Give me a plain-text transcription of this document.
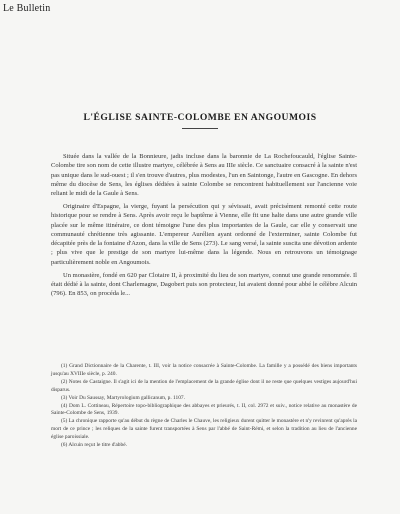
Le Bulletin
L'ÉGLISE SAINTE-COLOMBE EN ANGOUMOIS

Située dans la vallée de la Bonnieure, jadis incluse dans la baronnie de La Rochefoucauld, l'église Sainte-Colombe tire son nom de cette illustre martyre, célébrée à Sens au IIIe siècle. Ce sanctuaire consacré à la sainte n'est pas unique dans le sud-ouest ; il s'en trouve d'autres, plus modestes, l'un en Saintonge, l'autre en Gascogne. En dehors même du diocèse de Sens, les églises dédiées à sainte Colombe se rencontrent habituellement sur l'ancienne voie reliant le midi de la Gaule à Sens.

Originaire d'Espagne, la vierge, fuyant la persécution qui y sévissait, avait précisément remonté cette route historique pour se rendre à Sens. Après avoir reçu le baptême à Vienne, elle fit une halte dans une autre grande ville placée sur le même itinéraire, ce dont témoigne l'une des plus importantes de la Gaule, car elle y conservait une communauté chrétienne très agissante. L'empereur Aurélien ayant ordonné de l'exterminer, sainte Colombe fut décapitée près de la fontaine d'Azon, dans la ville de Sens (273). Le sang versé, la sainte suscita une dévotion ardente ; plus vive que le prestige de son martyre lui-même dans la légende. Nous en retrouvons un témoignage particulièrement noble en Angoumois.

Un monastère, fondé en 620 par Clotaire II, à proximité du lieu de son martyre, connut une grande renommée. Il était dédié à la sainte, dont Charlemagne, Dagobert puis son protecteur, lui avaient donné pour abbé le célèbre Alcuin (796). En 853, on procéda le...

(1) Grand Dictionnaire de la Charente, t. III, voir la notice consacrée à Sainte-Colombe. La famille y a possédé des biens importants jusqu'au XVIIIe siècle, p. 240.

(2) Notes de Castaigne. Il s'agit ici de la mention de l'emplacement de la grande église dont il ne reste que quelques vestiges aujourd'hui disparus.

(3) Voir Du Saussay, Martyrologium gallicanum, p. 1107.

(4) Dom L. Cottineau, Répertoire topo-bibliographique des abbayes et prieurés, t. II, col. 2972 et suiv., notice relative au monastère de Sainte-Colombe de Sens, 1939.

(5) La chronique rapporte qu'au début du règne de Charles le Chauve, les religieux durent quitter le monastère et n'y revinrent qu'après la mort de ce prince ; les reliques de la sainte furent transportées à Sens par l'abbé de Saint-Rémi, et selon la tradition au lieu de l'ancienne église paroissiale.

(6) Alcuin reçut le titre d'abbé.
